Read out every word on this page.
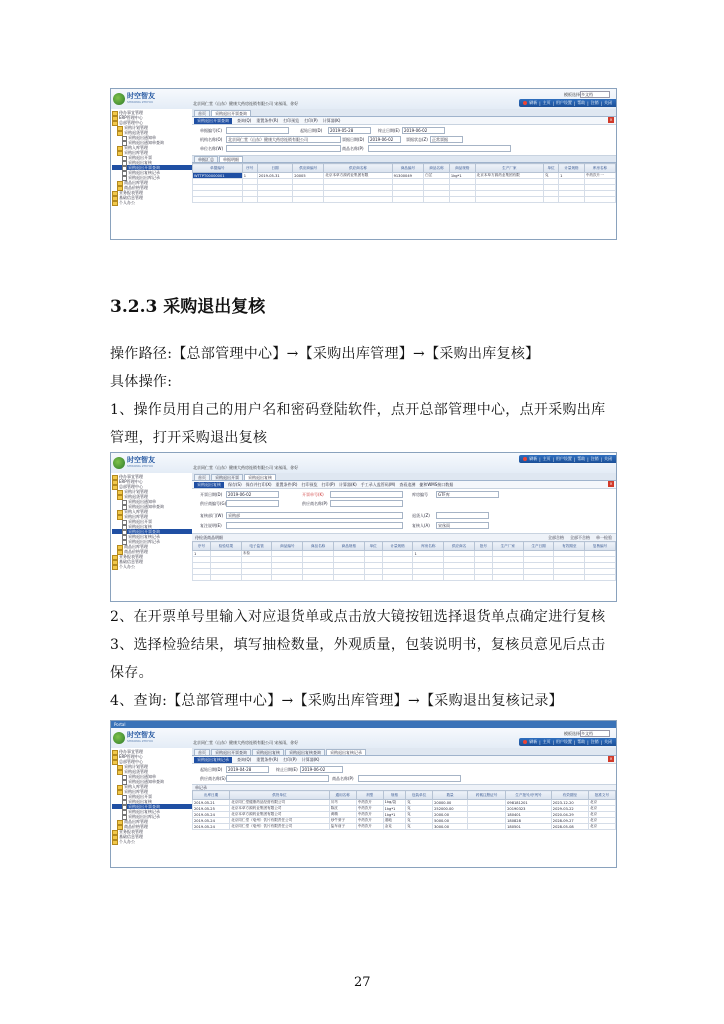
时空智友
SHIKONG ZHIYOU
模板选择 多文档
北京同仁堂（山东）健康大药房连锁有限公司 宋丝雨，你好	刷新 | 主页 | 用户设置 | 帮助 | 注销 | 关闭
待办事宜管理
ERP管理中心
总部管理中心
采购计划管理
采购退货管理
采购退出通知单
采购退出通知单查询
采购入库管理
采购出库管理
采购退出开票
采购退出复核
采购退出开票查询
采购退出复核记录
采购退出出库记录
商品出库管理
商品价格管理
业务报表管理
基础信息管理
个人办公
首页	采购退出开票查询
采购退出开票查询	查询(Q) 重置条件(R) 打印预览 打印(P) 计算器(K)	×
单据编号(C)	起始日期(D)	2019-05-28	终止日期(E)	2019-06-02
机构名称(O)	北京同仁堂（山东）健康大药房连锁有限公司	票据日期(D)	2019-06-02	票据状态(Z)	正常票据
单位名称(W)	商品名称(P)
单据汇总	单据明细
单据编号	序号	日期	供应商编号	供应商名称	商品编号	商品名称	商品规格	生产厂家	单位	计量规格	库房名称
WTTPT00000001	1	2019-05-31	20005	北京本草方源药业集团有限	91300049	白芷	1kg*1	北京本草方源药业集团有限	克	1	中药饮片一

3.2.3 采购退出复核
操作路径:【总部管理中心】→【采购出库管理】→【采购出库复核】
具体操作:
1、操作员用自己的用户名和密码登陆软件，点开总部管理中心，点开采购出库
管理，打开采购退出复核
时空智友
SHIKONG ZHIYOU	北京同仁堂（山东）健康大药房连锁有限公司 宋丝雨，你好
刷新 | 主页 | 用户设置 | 帮助 | 注销 | 关闭
待办事宜管理
ERP管理中心
总部管理中心
采购计划管理
采购退货管理
采购退出通知单
采购退出通知单查询
采购入库管理
采购出库管理
采购退出开票
采购退出复核
采购退出开票查询
采购退出复核记录
采购退出出库记录
商品出库管理
商品价格管理
业务报表管理
基础信息管理
个人办公
首页	采购退出开票	采购退出复核
采购退出复核	保存(S) 保存并打印(X) 重置条件(R) 打印预览 打印(P) 计算器(K) 手工录入监管码(M) 查看追溯 捷和WMS接口数据	×
开票日期(D)	2019-06-02	开票单号(K)	库房编号	GTF库
供应商编号(G)	供应商名称(P)
复核部门(W)	采购部	退货人(Z)
复注说明(E)	复核人(A)	宋丝雨
待检货商品明细	全部合格 全部不合格 单一检验
序号	检验结果	电子监管	商品编号	商品名称	商品规格	单位	计量规格	库房名称	供应商名	批号	生产厂家	生产日期	有效期至	复核编号
1		未检						1						

2、在开票单号里输入对应退货单或点击放大镜按钮选择退货单点确定进行复核
3、选择检验结果，填写抽检数量，外观质量，包装说明书，复核员意见后点击
保存。
4、查询:【总部管理中心】→【采购出库管理】→【采购退出复核记录】
Portal
时空智友
SHIKONG ZHIYOU
模板选择 多文档
北京同仁堂（山东）健康大药房连锁有限公司 宋丝雨，你好	刷新 | 主页 | 用户设置 | 帮助 | 注销 | 关闭
待办事宜管理
ERP管理中心
总部管理中心
采购计划管理
采购退货管理
采购退出通知单
采购退出通知单查询
采购入库管理
采购出库管理
采购退出开票
采购退出复核
采购退出开票查询
采购退出复核记录
采购退出出库记录
商品出库管理
商品价格管理
业务报表管理
基础信息管理
个人办公
首页	采购退出开票查询	采购退出复核	采购退出复核查询	采购退出复核记录
采购退出复核记录	查询(Q) 重置条件(R) 打印(P) 计算器(K)	×
起始日期(D)	2019-04-28	终止日期(E)	2019-06-02
供应商名称(S)	商品名称(P)
单记录
出库日期	供货单位	通用名称	剂型	规格	包装单位	数量	药械注册证号	生产批号/序列号	有效期至	批准文号
2019-05-21	北京同仁堂健康药品经营有限公司	川芎	中药饮片	1kg/袋	克	20000.00		098181201	2023-12-20	北京
2019-05-25	北京本草方源药业集团有限公司	陈皮	中药饮片	1kg*1	克	252000.00		20190323	2029-03-22	北京
2019-05-24	北京本草方源药业集团有限公司	黄精	中药饮片	1kg*1	克	2000.00		180401	2020-04-29	北京
2019-05-24	北京同仁堂（亳州）饮片有限责任公司	炒牛蒡子	中药饮片	道地	克	5000.00		180828	2028-09-27	北京
2019-05-24	北京同仁堂（亳州）饮片有限责任公司	盐车前子	中药饮片	金克	克	3000.00		180501	2028-05-08	北京
27
